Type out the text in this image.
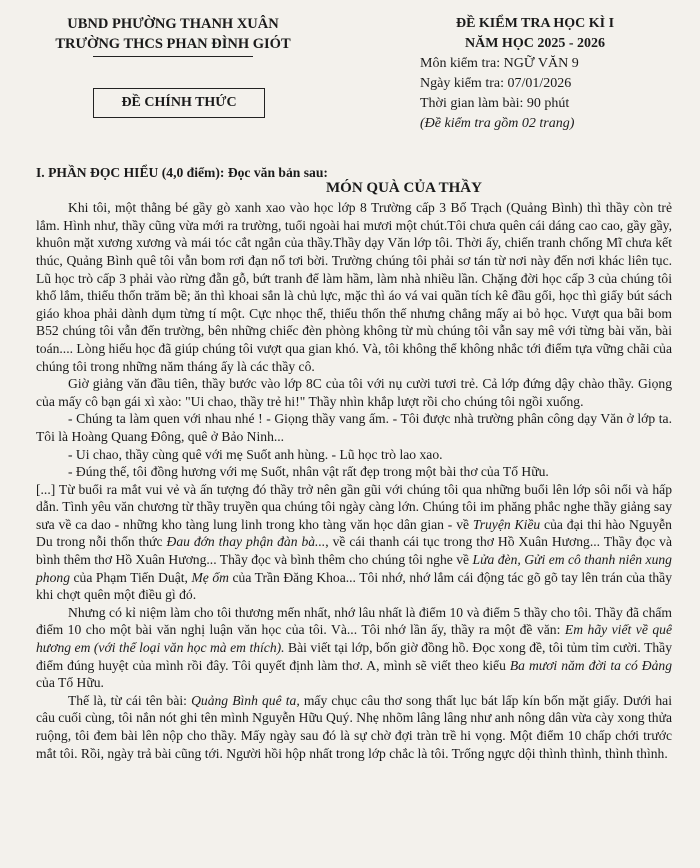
UBND PHƯỜNG THANH XUÂN
TRƯỜNG THCS PHAN ĐÌNH GIÓT
ĐỀ CHÍNH THỨC
ĐỀ KIỂM TRA HỌC KÌ I
NĂM HỌC 2025 - 2026
Môn kiểm tra: NGỮ VĂN 9
Ngày kiểm tra: 07/01/2026
Thời gian làm bài: 90 phút
(Đề kiểm tra gồm 02 trang)
I. PHẦN ĐỌC HIỂU (4,0 điểm): Đọc văn bản sau:
MÓN QUÀ CỦA THẦY

Khi tôi, một thằng bé gầy gò xanh xao vào học lớp 8 Trường cấp 3 Bố Trạch (Quảng Bình) thì thầy còn trẻ lắm. Hình như, thầy cũng vừa mới ra trường, tuổi ngoài hai mươi một chút.Tôi chưa quên cái dáng cao cao, gầy gầy, khuôn mặt xương xương và mái tóc cắt ngắn của thầy.Thầy dạy Văn lớp tôi. Thời ấy, chiến tranh chống Mĩ chưa kết thúc, Quảng Bình quê tôi vẫn bom rơi đạn nổ tơi bời. Trường chúng tôi phải sơ tán từ nơi này đến nơi khác liên tục. Lũ học trò cấp 3 phải vào rừng đẵn gỗ, bứt tranh để làm hầm, làm nhà nhiều lần. Chặng đời học cấp 3 của chúng tôi khổ lắm, thiếu thốn trăm bề; ăn thì khoai sắn là chủ lực, mặc thì áo vá vai quần tích kê đầu gối, học thì giấy bút sách giáo khoa phải dành dụm từng tí một. Cực nhọc thế, thiếu thốn thế nhưng chẳng mấy ai bỏ học. Vượt qua bãi bom B52 chúng tôi vẫn đến trường, bên những chiếc đèn phòng không từ mù chúng tôi vẫn say mê với từng bài văn, bài toán.... Lòng hiếu học đã giúp chúng tôi vượt qua gian khó. Và, tôi không thể không nhắc tới điểm tựa vững chãi của chúng tôi trong những năm tháng ấy là các thầy cô.

Giờ giảng văn đầu tiên, thầy bước vào lớp 8C của tôi với nụ cười tươi trẻ. Cả lớp đứng dậy chào thầy. Giọng của mấy cô bạn gái xì xào: "Ui chao, thầy trẻ hi!" Thầy nhìn khắp lượt rồi cho chúng tôi ngồi xuống.

- Chúng ta làm quen với nhau nhé ! - Giọng thầy vang ấm. - Tôi được nhà trường phân công dạy Văn ở lớp ta. Tôi là Hoàng Quang Đông, quê ở Bảo Ninh...

- Ui chao, thầy cùng quê với mẹ Suốt anh hùng. - Lũ học trò lao xao.

- Đúng thế, tôi đồng hương với mẹ Suốt, nhân vật rất đẹp trong một bài thơ của Tố Hữu.

[...] Từ buổi ra mắt vui vẻ và ấn tượng đó thầy trở nên gần gũi với chúng tôi qua những buổi lên lớp sôi nổi và hấp dẫn. Tình yêu văn chương từ thầy truyền qua chúng tôi ngày càng lớn. Chúng tôi im phăng phắc nghe thầy giảng say sưa về ca dao - những kho tàng lung linh trong kho tàng văn học dân gian - về Truyện Kiều của đại thi hào Nguyễn Du trong nỗi thổn thức Đau đớn thay phận đàn bà..., về cái thanh cái tục trong thơ Hồ Xuân Hương... Thầy đọc và bình thêm thơ Hồ Xuân Hương... Thầy đọc và bình thêm cho chúng tôi nghe về Lửa đèn, Gửi em cô thanh niên xung phong của Phạm Tiến Duật, Mẹ ốm của Trần Đăng Khoa... Tôi nhớ, nhớ lắm cái động tác gõ gõ tay lên trán của thầy khi chợt quên một điều gì đó.

Nhưng có kỉ niệm làm cho tôi thương mến nhất, nhớ lâu nhất là điểm 10 và điểm 5 thầy cho tôi. Thầy đã chấm điểm 10 cho một bài văn nghị luận văn học của tôi. Và... Tôi nhớ lần ấy, thầy ra một đề văn: Em hãy viết về quê hương em (với thể loại văn học mà em thích). Bài viết tại lớp, bốn giờ đồng hồ. Đọc xong đề, tôi tủm tỉm cười. Thầy điểm đúng huyệt của mình rồi đây. Tôi quyết định làm thơ. A, mình sẽ viết theo kiểu Ba mươi năm đời ta có Đảng của Tố Hữu.

Thế là, từ cái tên bài: Quảng Bình quê ta, mấy chục câu thơ song thất lục bát lấp kín bốn mặt giấy. Dưới hai câu cuối cùng, tôi nắn nót ghi tên mình Nguyễn Hữu Quý. Nhẹ nhõm lâng lâng như anh nông dân vừa cày xong thửa ruộng, tôi đem bài lên nộp cho thầy. Mấy ngày sau đó là sự chờ đợi tràn trề hi vọng. Một điểm 10 chấp chới trước mắt tôi. Rồi, ngày trả bài cũng tới. Người hồi hộp nhất trong lớp chắc là tôi. Trống ngực dội thình thình, thình thình.
